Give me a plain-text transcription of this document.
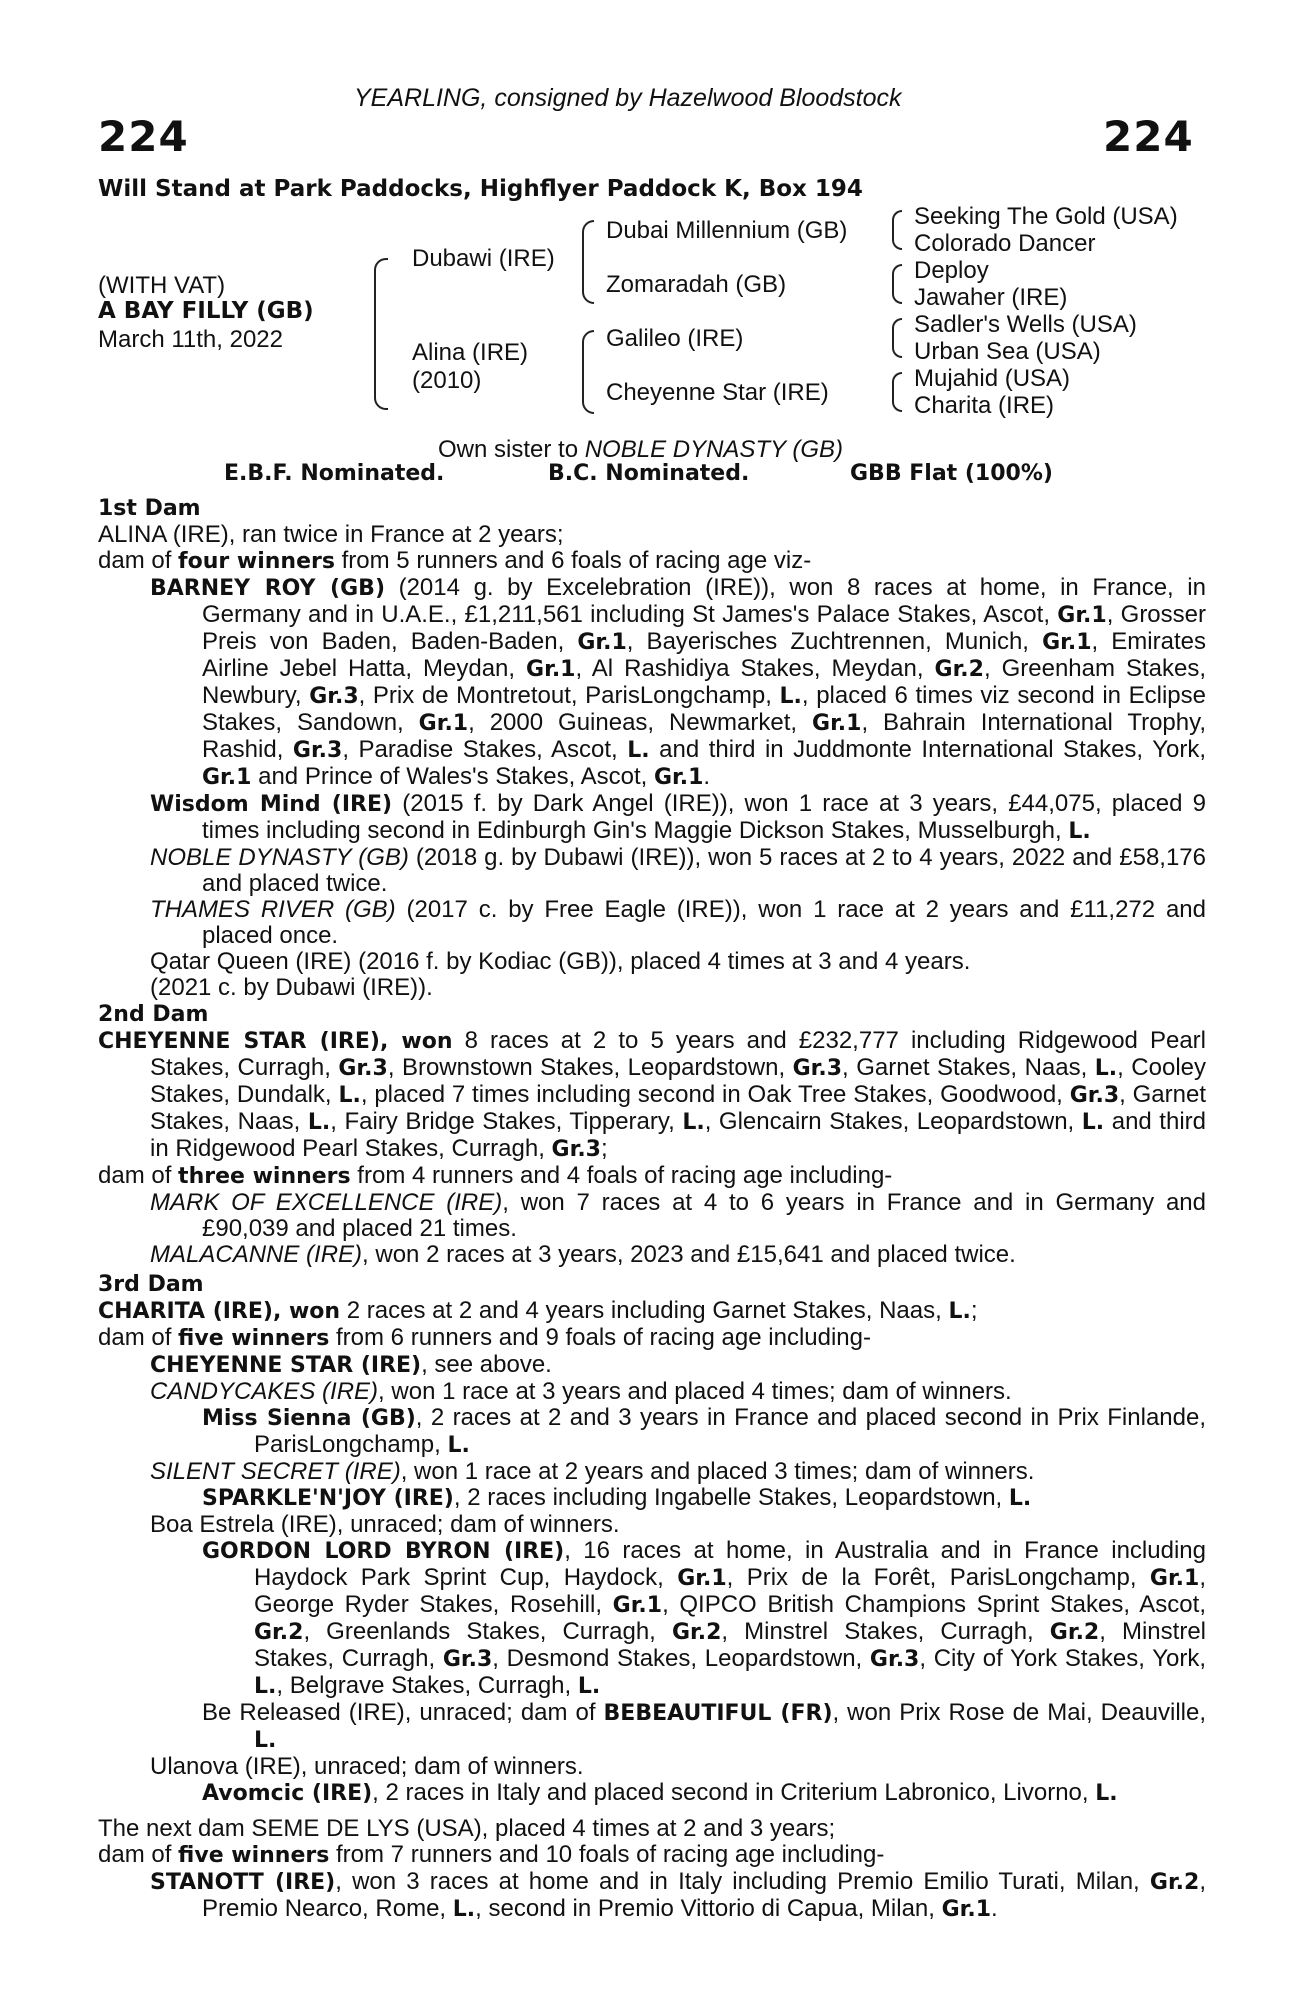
YEARLING, consigned by Hazelwood Bloodstock
224	224
Will Stand at Park Paddocks, Highflyer Paddock K, Box 194
(WITH VAT)
A BAY FILLY (GB)
March 11th, 2022
Dubawi (IRE)
Alina (IRE)
(2010)
Dubai Millennium (GB)
Zomaradah (GB)
Galileo (IRE)
Cheyenne Star (IRE)
Seeking The Gold (USA)
Colorado Dancer
Deploy
Jawaher (IRE)
Sadler's Wells (USA)
Urban Sea (USA)
Mujahid (USA)
Charita (IRE)
Own sister to NOBLE DYNASTY (GB)
E.B.F. Nominated.	B.C. Nominated.	GBB Flat (100%)

1st Dam

ALINA (IRE), ran twice in France at 2 years;

dam of four winners from 5 runners and 6 foals of racing age viz-

BARNEY ROY (GB) (2014 g. by Excelebration (IRE)), won 8 races at home, in France, in Germany and in U.A.E., £1,211,561 including St James's Palace Stakes, Ascot, Gr.1, Grosser Preis von Baden, Baden-Baden, Gr.1, Bayerisches Zuchtrennen, Munich, Gr.1, Emirates Airline Jebel Hatta, Meydan, Gr.1, Al Rashidiya Stakes, Meydan, Gr.2, Greenham Stakes, Newbury, Gr.3, Prix de Montretout, ParisLongchamp, L., placed 6 times viz second in Eclipse Stakes, Sandown, Gr.1, 2000 Guineas, Newmarket, Gr.1, Bahrain International Trophy, Rashid, Gr.3, Paradise Stakes, Ascot, L. and third in Juddmonte International Stakes, York, Gr.1 and Prince of Wales's Stakes, Ascot, Gr.1.

Wisdom Mind (IRE) (2015 f. by Dark Angel (IRE)), won 1 race at 3 years, £44,075, placed 9 times including second in Edinburgh Gin's Maggie Dickson Stakes, Musselburgh, L.

NOBLE DYNASTY (GB) (2018 g. by Dubawi (IRE)), won 5 races at 2 to 4 years, 2022 and £58,176 and placed twice.

THAMES RIVER (GB) (2017 c. by Free Eagle (IRE)), won 1 race at 2 years and £11,272 and placed once.

Qatar Queen (IRE) (2016 f. by Kodiac (GB)), placed 4 times at 3 and 4 years.

(2021 c. by Dubawi (IRE)).

2nd Dam

CHEYENNE STAR (IRE), won 8 races at 2 to 5 years and £232,777 including Ridgewood Pearl Stakes, Curragh, Gr.3, Brownstown Stakes, Leopardstown, Gr.3, Garnet Stakes, Naas, L., Cooley Stakes, Dundalk, L., placed 7 times including second in Oak Tree Stakes, Goodwood, Gr.3, Garnet Stakes, Naas, L., Fairy Bridge Stakes, Tipperary, L., Glencairn Stakes, Leopardstown, L. and third in Ridgewood Pearl Stakes, Curragh, Gr.3;

dam of three winners from 4 runners and 4 foals of racing age including-

MARK OF EXCELLENCE (IRE), won 7 races at 4 to 6 years in France and in Germany and £90,039 and placed 21 times.

MALACANNE (IRE), won 2 races at 3 years, 2023 and £15,641 and placed twice.

3rd Dam

CHARITA (IRE), won 2 races at 2 and 4 years including Garnet Stakes, Naas, L.;

dam of five winners from 6 runners and 9 foals of racing age including-

CHEYENNE STAR (IRE), see above.

CANDYCAKES (IRE), won 1 race at 3 years and placed 4 times; dam of winners.

Miss Sienna (GB), 2 races at 2 and 3 years in France and placed second in Prix Finlande, ParisLongchamp, L.

SILENT SECRET (IRE), won 1 race at 2 years and placed 3 times; dam of winners.

SPARKLE'N'JOY (IRE), 2 races including Ingabelle Stakes, Leopardstown, L.

Boa Estrela (IRE), unraced; dam of winners.

GORDON LORD BYRON (IRE), 16 races at home, in Australia and in France including Haydock Park Sprint Cup, Haydock, Gr.1, Prix de la Forêt, ParisLongchamp, Gr.1, George Ryder Stakes, Rosehill, Gr.1, QIPCO British Champions Sprint Stakes, Ascot, Gr.2, Greenlands Stakes, Curragh, Gr.2, Minstrel Stakes, Curragh, Gr.2, Minstrel Stakes, Curragh, Gr.3, Desmond Stakes, Leopardstown, Gr.3, City of York Stakes, York, L., Belgrave Stakes, Curragh, L.

Be Released (IRE), unraced; dam of BEBEAUTIFUL (FR), won Prix Rose de Mai, Deauville, L.

Ulanova (IRE), unraced; dam of winners.

Avomcic (IRE), 2 races in Italy and placed second in Criterium Labronico, Livorno, L.

The next dam SEME DE LYS (USA), placed 4 times at 2 and 3 years;

dam of five winners from 7 runners and 10 foals of racing age including-

STANOTT (IRE), won 3 races at home and in Italy including Premio Emilio Turati, Milan, Gr.2, Premio Nearco, Rome, L., second in Premio Vittorio di Capua, Milan, Gr.1.
